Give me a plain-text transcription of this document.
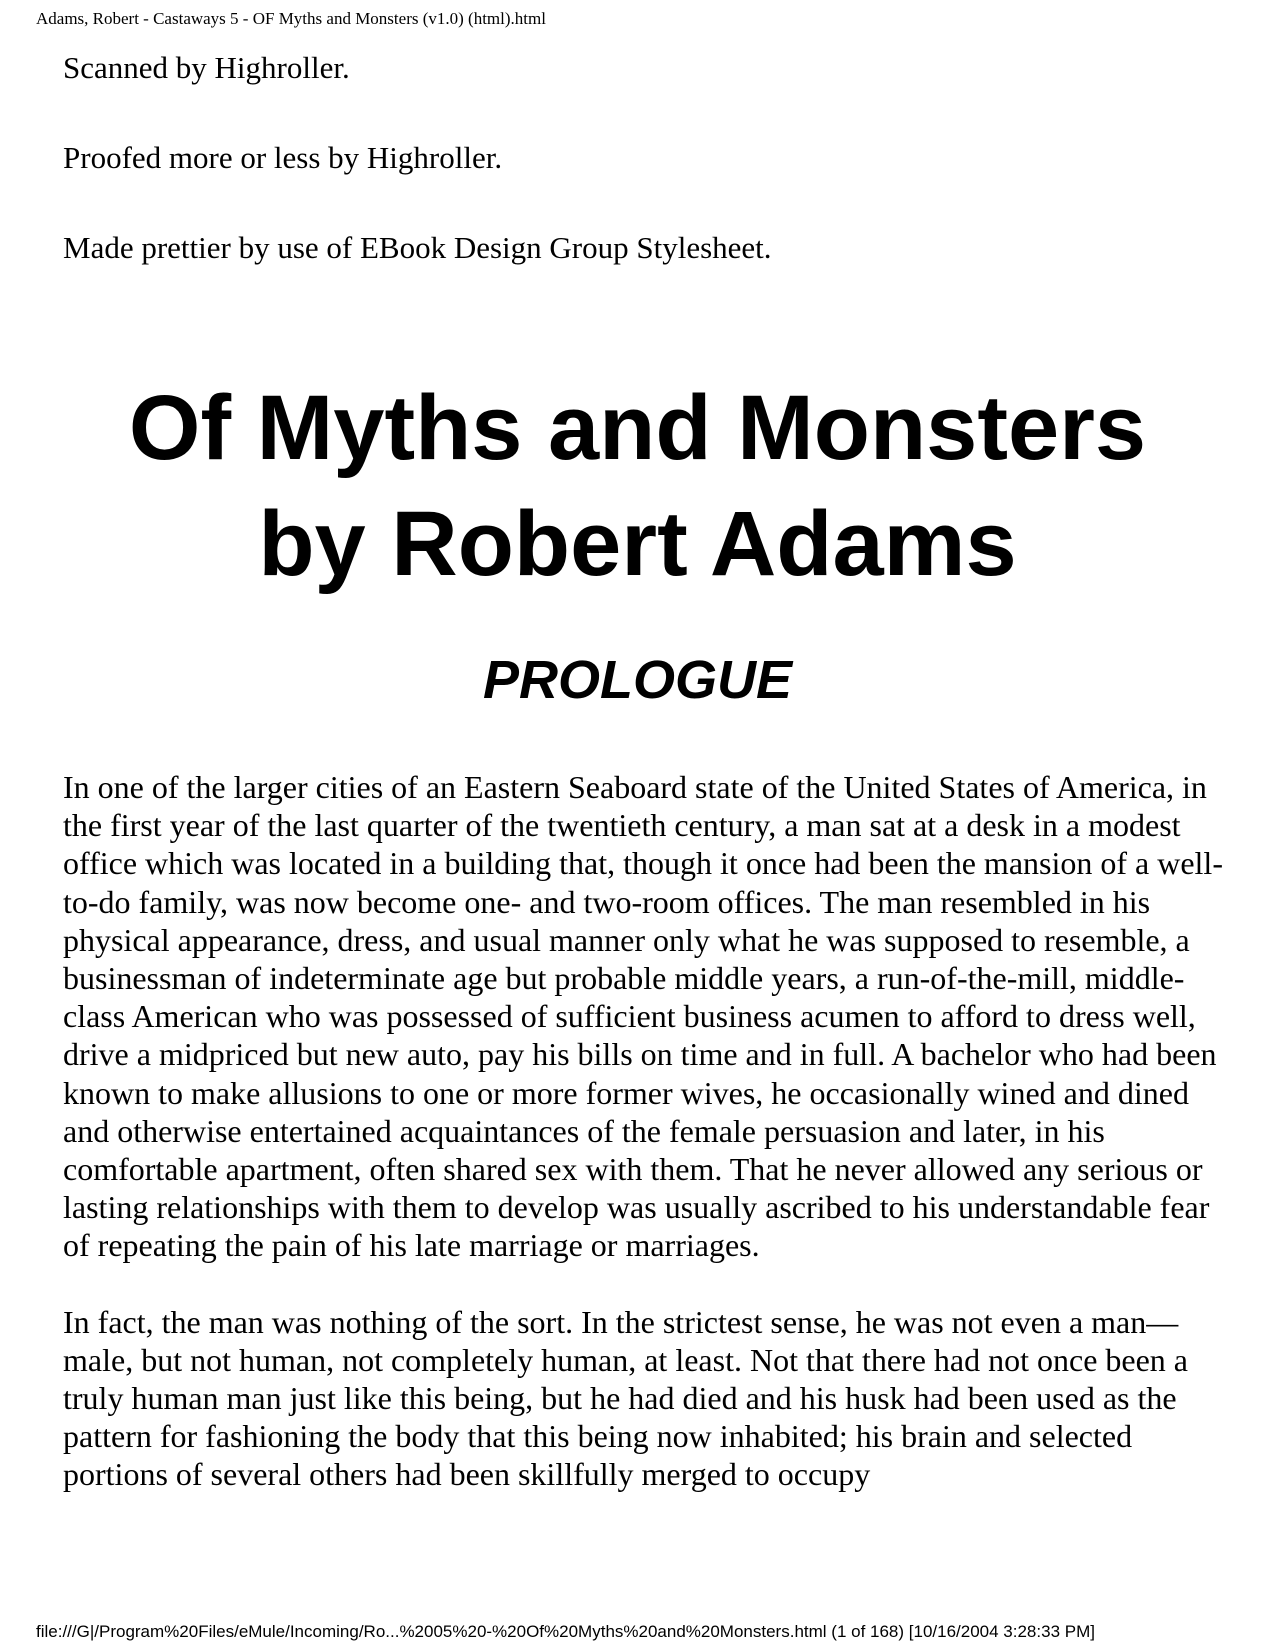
Adams, Robert - Castaways 5 - OF Myths and Monsters (v1.0) (html).html

Scanned by Highroller.

Proofed more or less by Highroller.

Made prettier by use of EBook Design Group Stylesheet.

Of Myths and Monsters
by Robert Adams
PROLOGUE

In one of the larger cities of an Eastern Seaboard state of the United States of America, in the first year of the last quarter of the twentieth century, a man sat at a desk in a modest office which was located in a building that, though it once had been the mansion of a well-to-do family, was now become one- and two-room offices. The man resembled in his physical appearance, dress, and usual manner only what he was supposed to resemble, a businessman of indeterminate age but probable middle years, a run-of-the-mill, middle-class American who was possessed of sufficient business acumen to afford to dress well, drive a midpriced but new auto, pay his bills on time and in full. A bachelor who had been known to make allusions to one or more former wives, he occasionally wined and dined and otherwise entertained acquaintances of the female persuasion and later, in his comfortable apartment, often shared sex with them. That he never allowed any serious or lasting relationships with them to develop was usually ascribed to his understandable fear of repeating the pain of his late marriage or marriages.

In fact, the man was nothing of the sort. In the strictest sense, he was not even a man—male, but not human, not completely human, at least. Not that there had not once been a truly human man just like this being, but he had died and his husk had been used as the pattern for fashioning the body that this being now inhabited; his brain and selected portions of several others had been skillfully merged to occupy

file:///G|/Program%20Files/eMule/Incoming/Ro...%2005%20-%20Of%20Myths%20and%20Monsters.html (1 of 168) [10/16/2004 3:28:33 PM]
